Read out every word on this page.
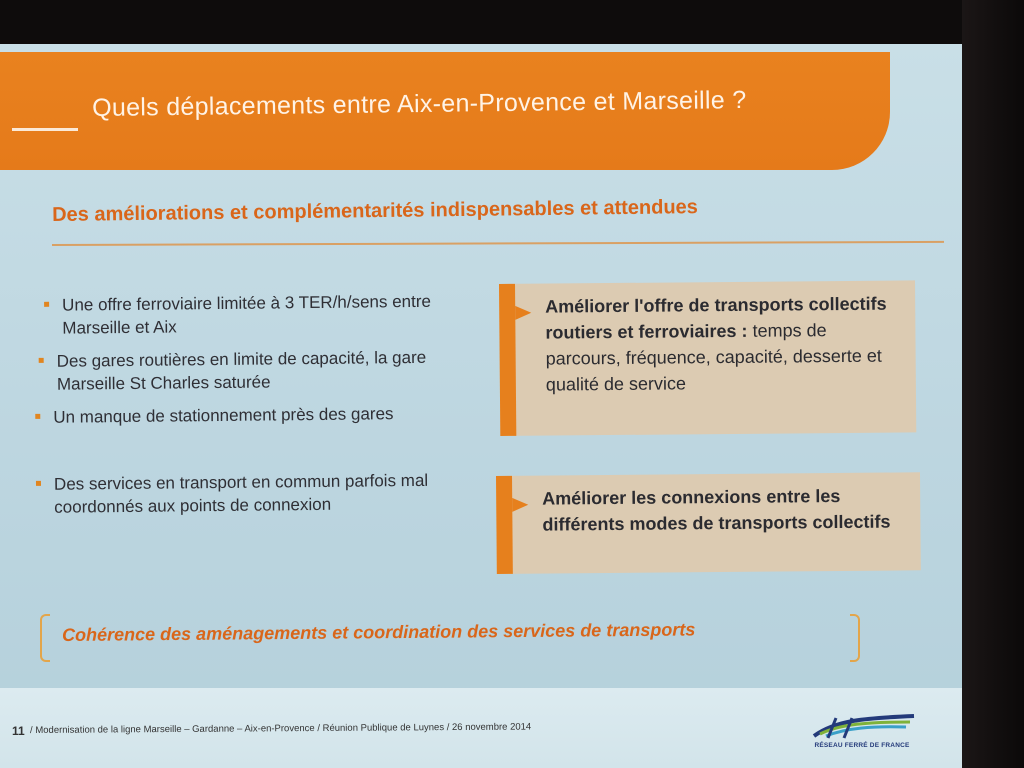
Quels déplacements entre Aix-en-Provence et Marseille ?
Des améliorations et complémentarités indispensables et attendues
Une offre ferroviaire limitée à 3 TER/h/sens entre Marseille et Aix
Des gares routières en limite de capacité, la gare Marseille St Charles saturée
Un manque de stationnement près des gares
Des services en transport en commun parfois mal coordonnés aux points de connexion
Améliorer l'offre de transports collectifs routiers et ferroviaires : temps de parcours, fréquence, capacité, desserte et qualité de service
Améliorer les connexions entre les différents modes de transports collectifs
Cohérence des aménagements et coordination des services de transports
11 / Modernisation de la ligne Marseille – Gardanne – Aix-en-Provence / Réunion Publique de Luynes / 26 novembre 2014
RÉSEAU FERRÉ DE FRANCE
